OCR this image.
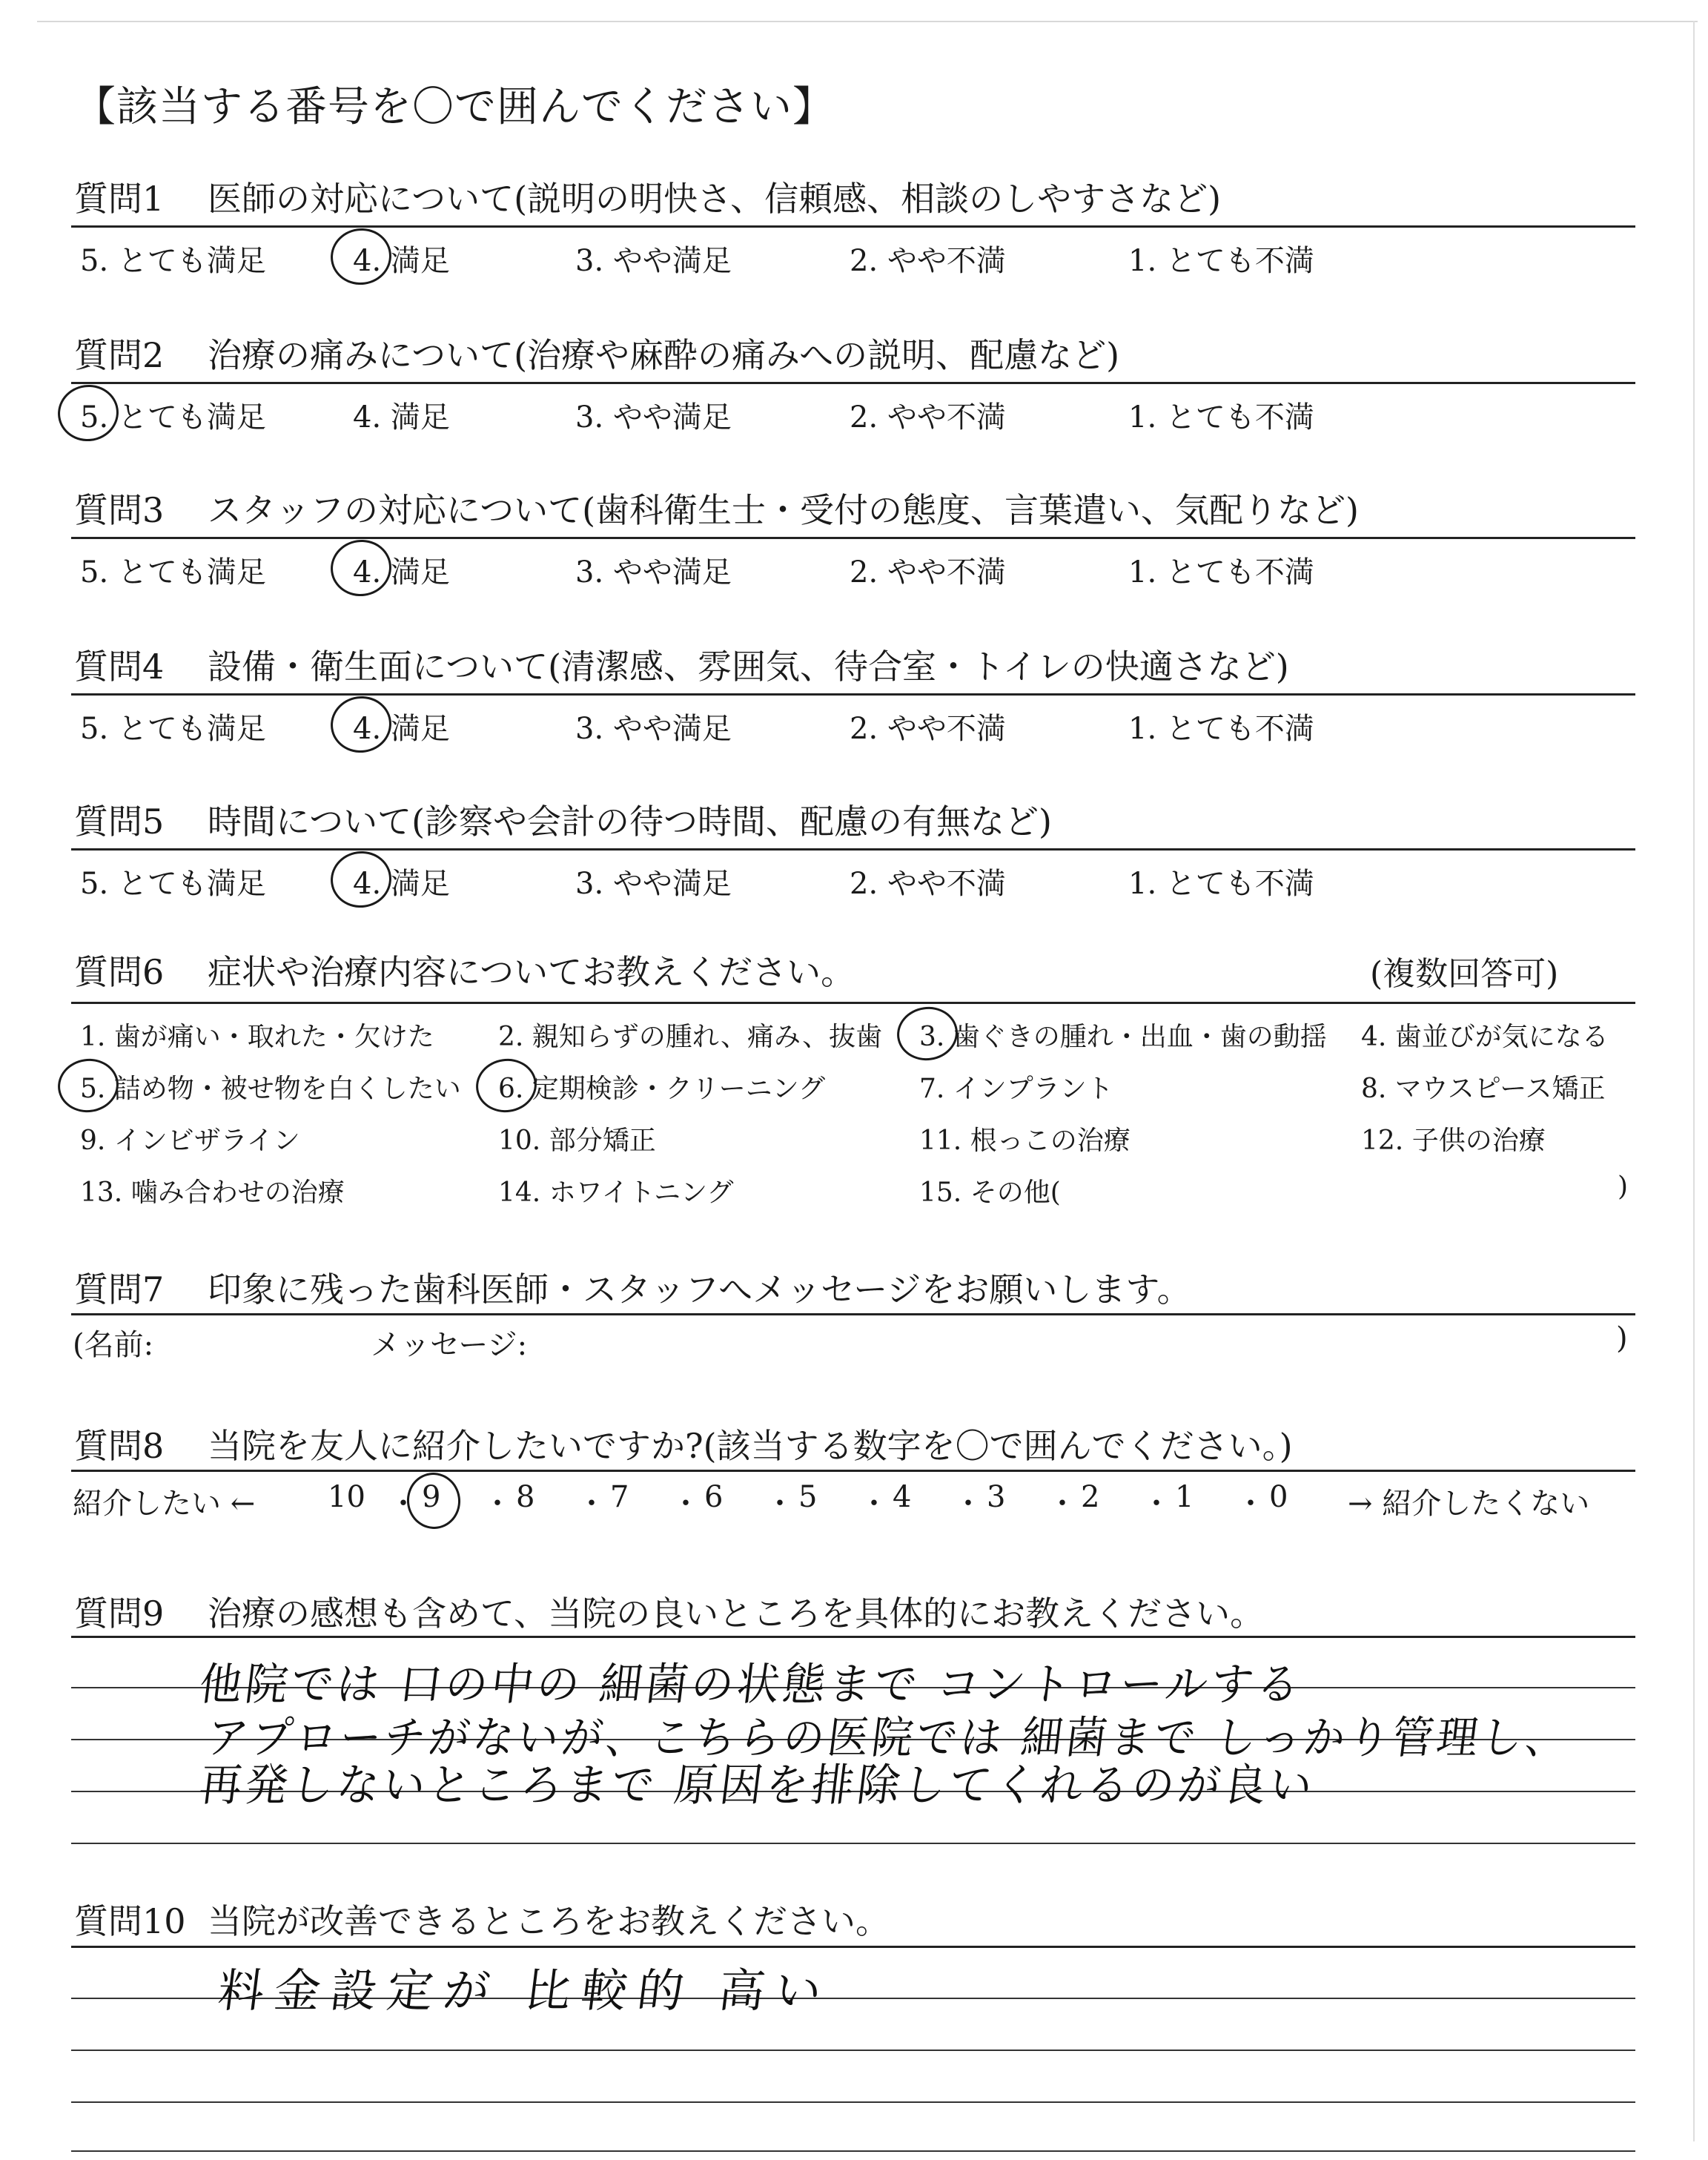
【該当する番号を〇で囲んでください】
質問1 医師の対応について(説明の明快さ、信頼感、相談のしやすさなど)
5. とても満足	4. 満足	3. やや満足	2. やや不満	1. とても不満
質問2 治療の痛みについて(治療や麻酔の痛みへの説明、配慮など)
5. とても満足	4. 満足	3. やや満足	2. やや不満	1. とても不満
質問3 スタッフの対応について(歯科衛生士・受付の態度、言葉遣い、気配りなど)
5. とても満足	4. 満足	3. やや満足	2. やや不満	1. とても不満
質問4 設備・衛生面について(清潔感、雰囲気、待合室・トイレの快適さなど)
5. とても満足	4. 満足	3. やや満足	2. やや不満	1. とても不満
質問5 時間について(診察や会計の待つ時間、配慮の有無など)
5. とても満足	4. 満足	3. やや満足	2. やや不満	1. とても不満
質問6 症状や治療内容についてお教えください。	(複数回答可)
1. 歯が痛い・取れた・欠けた 2. 親知らずの腫れ、痛み、抜歯 3. 歯ぐきの腫れ・出血・歯の動揺 4. 歯並びが気になる
5. 詰め物・被せ物を白くしたい 6. 定期検診・クリーニング	7. インプラント	8. マウスピース矯正
9. インビザライン	10. 部分矯正	11. 根っこの治療	12. 子供の治療
13. 噛み合わせの治療	14. ホワイトニング	15. その他(	)
質問7 印象に残った歯科医師・スタッフへメッセージをお願いします。
(名前:	メッセージ:	)
質問8 当院を友人に紹介したいですか?(該当する数字を〇で囲んでください。)
紹介したい ←	→ 紹介したくない
10 ・ 9 ・ 8 ・ 7 ・ 6 ・ 5 ・ 4 ・ 3 ・ 2 ・ 1 ・ 0
質問9 治療の感想も含めて、当院の良いところを具体的にお教えください。
他院では 口の中の 細菌の状態まで コントロールする
アプローチがないが、こちらの医院では 細菌まで しっかり管理し、
再発しないところまで 原因を排除してくれるのが良い
質問10 当院が改善できるところをお教えください。
料金設定が 比較的 高い
